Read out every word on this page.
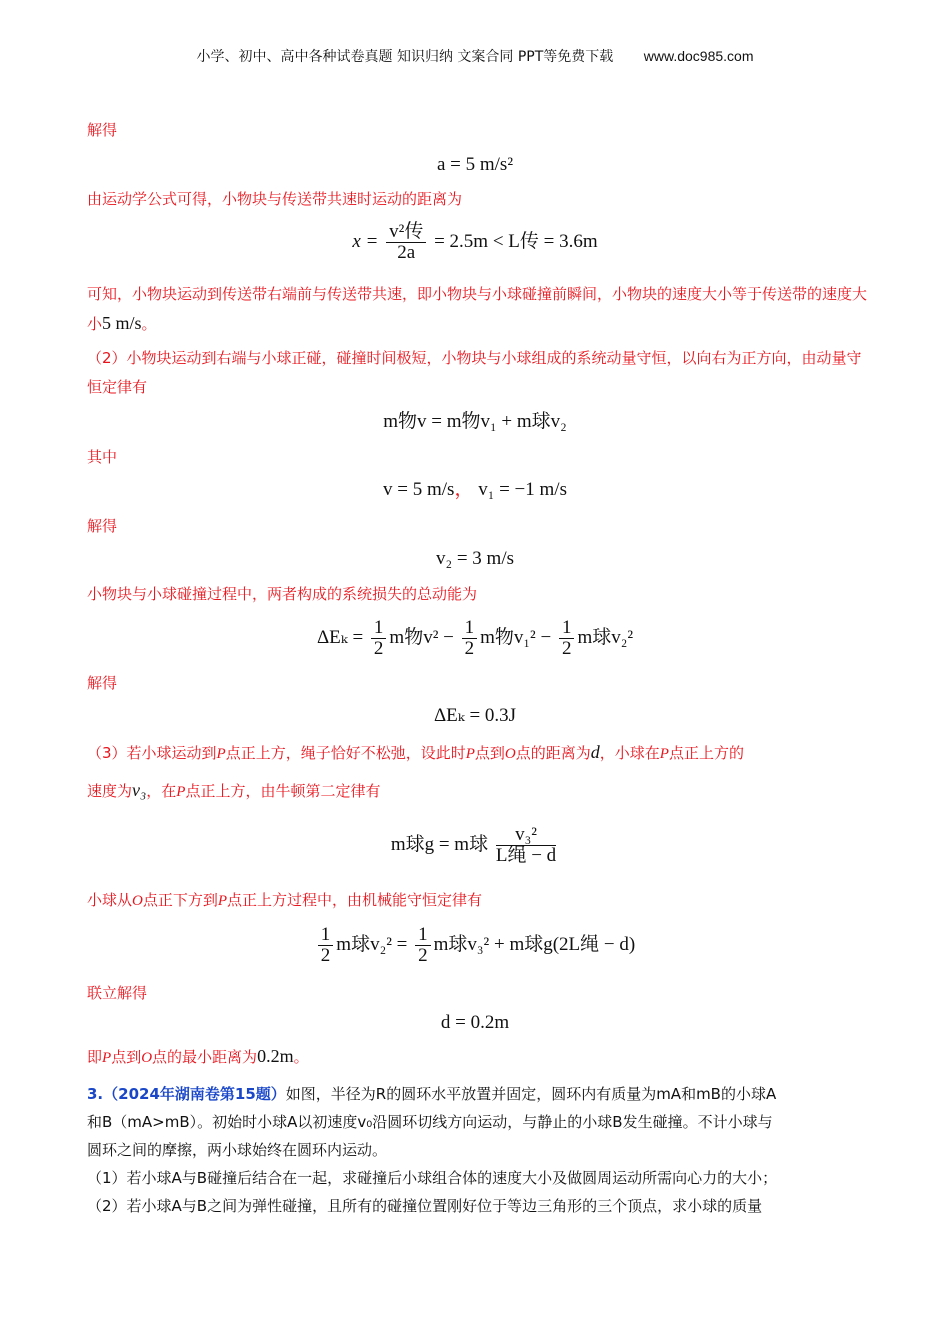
小学、初中、高中各种试卷真题 知识归纳 文案合同 PPT等免费下载 www.doc985.com
解得
a = 5 m/s²
由运动学公式可得，小物块与传送带共速时运动的距离为
$x = \frac{\text{v²传}}{2a} = 2.5m < L$传 = 3.6m
可知，小物块运动到传送带右端前与传送带共速，即小物块与小球碰撞前瞬间，小物块的速度大小等于传送带的速度大小5 m/s。
（2）小物块运动到右端与小球正碰，碰撞时间极短，小物块与小球组成的系统动量守恒，以向右为正方向，由动量守恒定律有
m物v = m物v₁ + m球v₂
其中
v = 5 m/s， v₁ = −1 m/s
解得
v₂ = 3 m/s
小物块与小球碰撞过程中，两者构成的系统损失的总动能为
$\Delta E_k = \frac{1}{2}$ m物$v^2 - \frac{1}{2}$ m物$v_1^2 - \frac{1}{2}$ m球v₂²
解得
ΔEₖ = 0.3J
（3）若小球运动到P点正上方，绳子恰好不松弛，设此时P点到O点的距离为d，小球在P点正上方的
速度为v₃，在P点正上方，由牛顿第二定律有
m球g = m球 $\frac{\text{v₃²}}{\text{L绳 − d}}$
小球从O点正下方到P点正上方过程中，由机械能守恒定律有
$\frac{1}{2}$ m球$v_2^2 = \frac{1}{2}$ m球v₃² + m球g(2L绳 − d)
联立解得
d = 0.2m
即P点到O点的最小距离为0.2m。
3.（2024年湖南卷第15题）如图，半径为R的圆环水平放置并固定，圆环内有质量为mA和mB的小球A
和B（mA>mB）。初始时小球A以初速度v₀沿圆环切线方向运动，与静止的小球B发生碰撞。不计小球与
圆环之间的摩擦，两小球始终在圆环内运动。
（1）若小球A与B碰撞后结合在一起，求碰撞后小球组合体的速度大小及做圆周运动所需向心力的大小；
（2）若小球A与B之间为弹性碰撞，且所有的碰撞位置刚好位于等边三角形的三个顶点，求小球的质量
